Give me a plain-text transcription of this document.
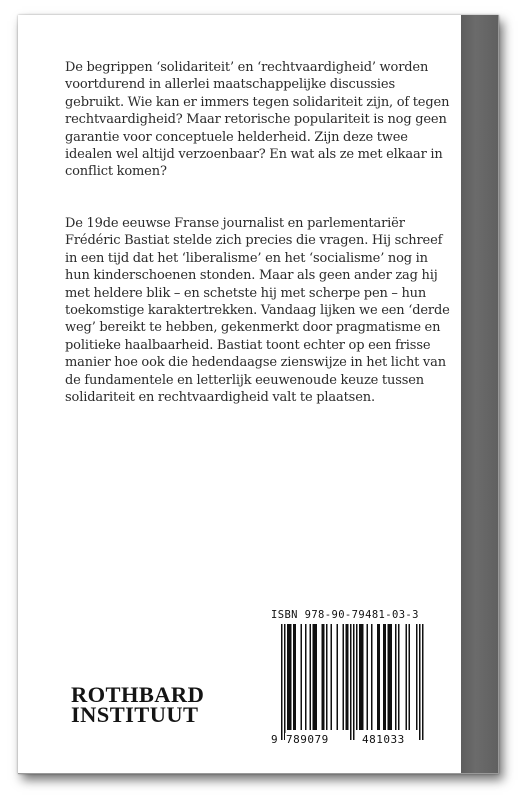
De begrippen ‘solidariteit’ en ‘rechtvaardigheid’ worden voortdurend in allerlei maatschappelijke discussies gebruikt. Wie kan er immers tegen solidariteit zijn, of tegen rechtvaardigheid? Maar retorische populariteit is nog geen garantie voor conceptuele helderheid. Zijn deze twee idealen wel altijd verzoenbaar? En wat als ze met elkaar in conflict komen?

De 19de eeuwse Franse journalist en parlementariër Frédéric Bastiat stelde zich precies die vragen. Hij schreef in een tijd dat het ‘liberalisme’ en het ‘socialisme’ nog in hun kinderschoenen stonden. Maar als geen ander zag hij met heldere blik – en schetste hij met scherpe pen – hun toekomstige karaktertrekken. Vandaag lijken we een ‘derde weg’ bereikt te hebben, gekenmerkt door pragmatisme en politieke haalbaarheid. Bastiat toont echter op een frisse manier hoe ook die hedendaagse zienswijze in het licht van de fundamentele en letterlijk eeuwenoude keuze tussen solidariteit en rechtvaardigheid valt te plaatsen.

ROTHBARD
INSTITUUT
ISBN 978-90-79481-03-3
9 789079	481033
